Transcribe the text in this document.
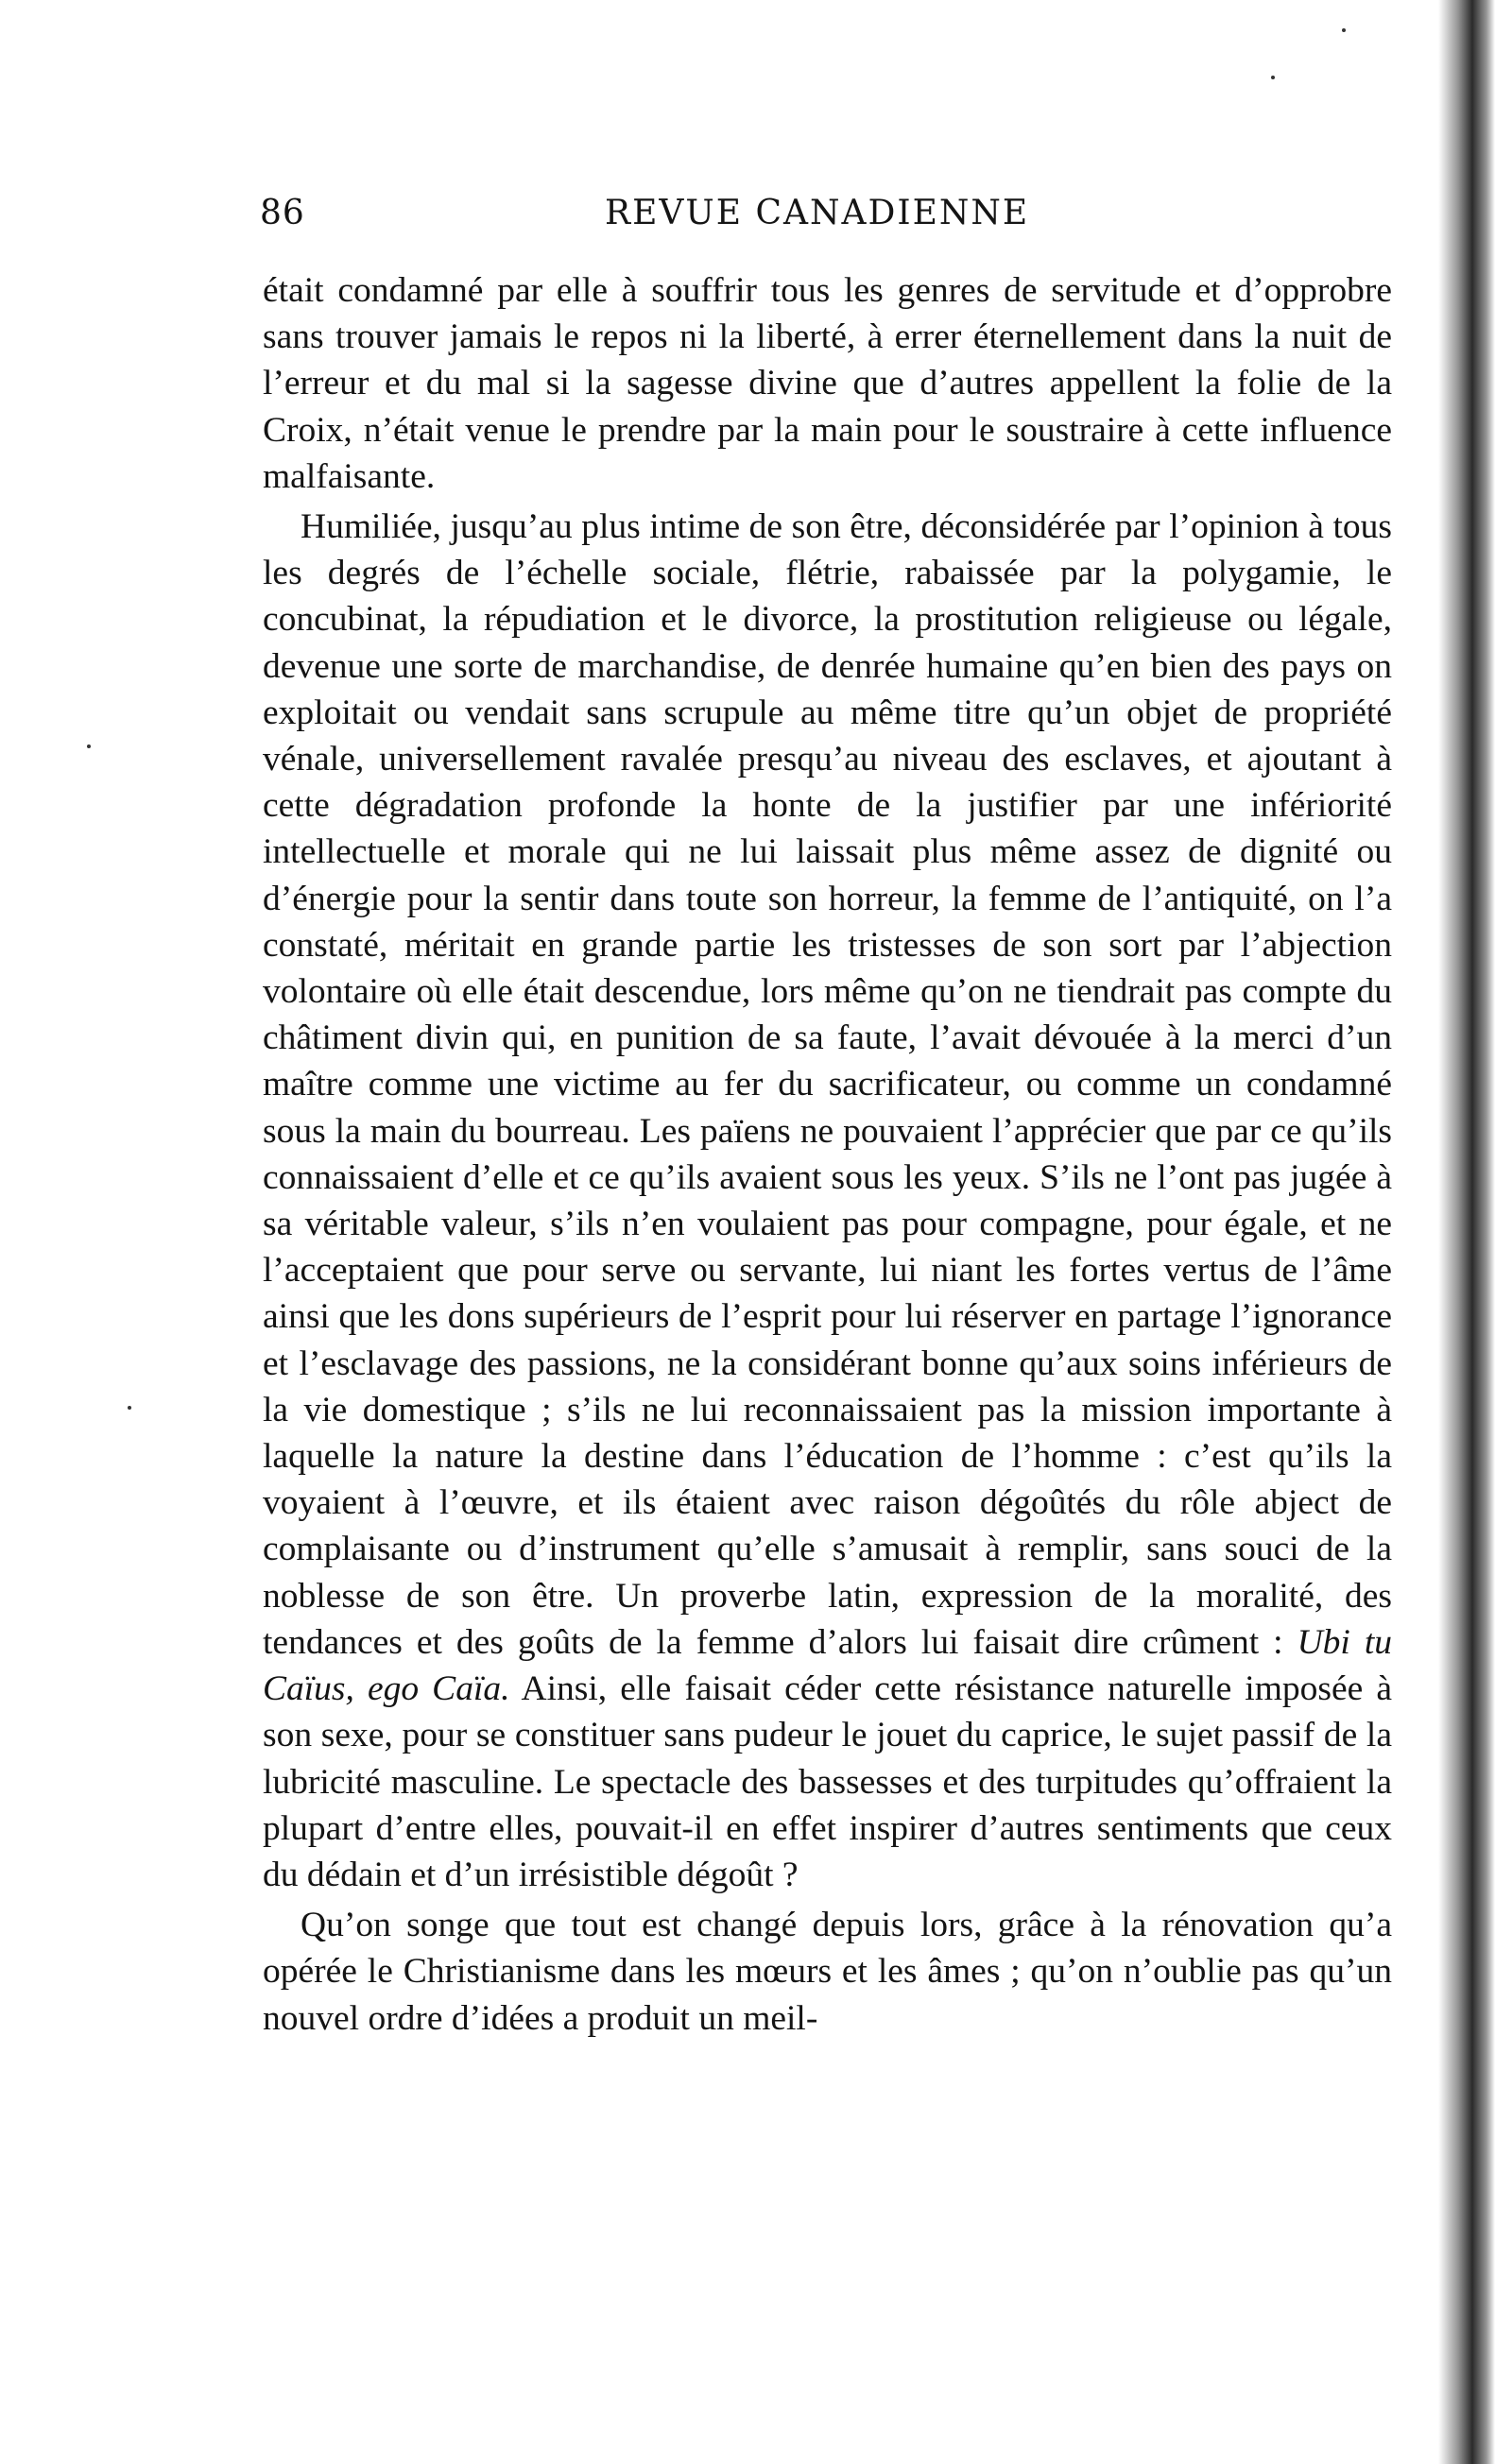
86	REVUE CANADIENNE

était condamné par elle à souffrir tous les genres de servitude et d’opprobre sans trouver jamais le repos ni la liberté, à errer éternellement dans la nuit de l’erreur et du mal si la sagesse divine que d’autres appellent la folie de la Croix, n’était venue le prendre par la main pour le soustraire à cette influence malfaisante.

Humiliée, jusqu’au plus intime de son être, déconsidérée par l’opinion à tous les degrés de l’échelle sociale, flétrie, rabaissée par la polygamie, le concubinat, la répudiation et le divorce, la prostitution religieuse ou légale, devenue une sorte de marchandise, de denrée humaine qu’en bien des pays on exploitait ou vendait sans scrupule au même titre qu’un objet de propriété vénale, universellement ravalée presqu’au niveau des esclaves, et ajoutant à cette dégradation profonde la honte de la justifier par une infériorité intellectuelle et morale qui ne lui laissait plus même assez de dignité ou d’énergie pour la sentir dans toute son horreur, la femme de l’antiquité, on l’a constaté, méritait en grande partie les tristesses de son sort par l’abjection volontaire où elle était descendue, lors même qu’on ne tiendrait pas compte du châtiment divin qui, en punition de sa faute, l’avait dévouée à la merci d’un maître comme une victime au fer du sacrificateur, ou comme un condamné sous la main du bourreau. Les païens ne pouvaient l’apprécier que par ce qu’ils connaissaient d’elle et ce qu’ils avaient sous les yeux. S’ils ne l’ont pas jugée à sa véritable valeur, s’ils n’en voulaient pas pour compagne, pour égale, et ne l’acceptaient que pour serve ou servante, lui niant les fortes vertus de l’âme ainsi que les dons supérieurs de l’esprit pour lui réserver en partage l’ignorance et l’esclavage des passions, ne la considérant bonne qu’aux soins inférieurs de la vie domestique ; s’ils ne lui reconnaissaient pas la mission importante à laquelle la nature la destine dans l’éducation de l’homme : c’est qu’ils la voyaient à l’œuvre, et ils étaient avec raison dégoûtés du rôle abject de complaisante ou d’instrument qu’elle s’amusait à remplir, sans souci de la noblesse de son être. Un proverbe latin, expression de la moralité, des tendances et des goûts de la femme d’alors lui faisait dire crûment : Ubi tu Caïus, ego Caïa. Ainsi, elle faisait céder cette résistance naturelle imposée à son sexe, pour se constituer sans pudeur le jouet du caprice, le sujet passif de la lubricité masculine. Le spectacle des bassesses et des turpitudes qu’offraient la plupart d’entre elles, pouvait-il en effet inspirer d’autres sentiments que ceux du dédain et d’un irrésistible dégoût ?

Qu’on songe que tout est changé depuis lors, grâce à la rénovation qu’a opérée le Christianisme dans les mœurs et les âmes ; qu’on n’oublie pas qu’un nouvel ordre d’idées a produit un meil-
